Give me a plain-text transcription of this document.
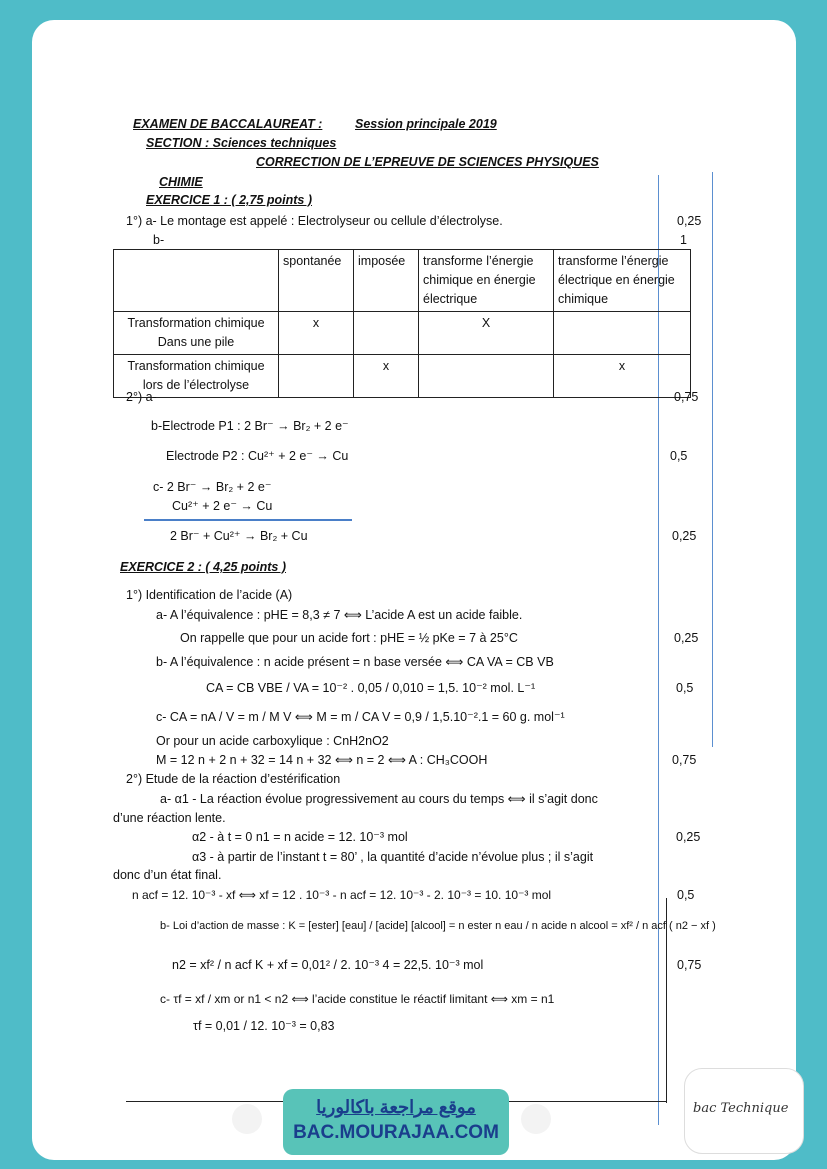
EXAMEN DE BACCALAUREAT :	Session principale 2019
SECTION : Sciences techniques
CORRECTION DE L’EPREUVE DE SCIENCES PHYSIQUES
CHIMIE
EXERCICE 1 : ( 2,75 points )
1°) a- Le montage est appelé : Electrolyseur ou cellule d’électrolyse.	0,25
b-	1
	spontanée	imposée	transforme l’énergie chimique en énergie électrique	transforme l’énergie électrique en énergie chimique
Transformation chimique Dans une pile	x		X	
Transformation chimique lors de l’électrolyse		x		x
2°) a-	0,75
b-Electrode P1 : 2 Br⁻ → Br₂ + 2 e⁻
Electrode P2 : Cu²⁺ + 2 e⁻ → Cu	0,5
c- 2 Br⁻ → Br₂ + 2 e⁻
Cu²⁺ + 2 e⁻ → Cu
2 Br⁻ + Cu²⁺ → Br₂ + Cu	0,25
EXERCICE 2 : ( 4,25 points )
1°) Identification de l’acide (A)
a- A l’équivalence : pHE = 8,3 ≠ 7 ⟺ L’acide A est un acide faible.
On rappelle que pour un acide fort : pHE = ½ pKe = 7 à 25°C	0,25
b- A l’équivalence : n acide présent = n base versée ⟺ CA VA = CB VB
CA = CB VBE / VA = 10⁻² . 0,05 / 0,010 = 1,5. 10⁻² mol. L⁻¹	0,5
c- CA = nA / V = m / M V ⟺ M = m / CA V = 0,9 / 1,5.10⁻².1 = 60 g. mol⁻¹
Or pour un acide carboxylique : CnH2nO2
M = 12 n + 2 n + 32 = 14 n + 32 ⟺ n = 2 ⟺ A : CH₃COOH	0,75
2°) Etude de la réaction d’estérification
a- α1 - La réaction évolue progressivement au cours du temps ⟺ il s’agit donc
d’une réaction lente.
α2 - à t = 0 n1 = n acide = 12. 10⁻³ mol	0,25
α3 - à partir de l’instant t = 80’ , la quantité d’acide n’évolue plus ; il s’agit
donc d’un état final.
n acf = 12. 10⁻³ - xf ⟺ xf = 12 . 10⁻³ - n acf = 12. 10⁻³ - 2. 10⁻³ = 10. 10⁻³ mol	0,5
b- Loi d’action de masse : K = [ester] [eau] / [acide] [alcool] = n ester n eau / n acide n alcool = xf² / n acf ( n2 − xf )
n2 = xf² / n acf K + xf = 0,01² / 2. 10⁻³ 4 = 22,5. 10⁻³ mol	0,75
c- τf = xf / xm or n1 < n2 ⟺ l’acide constitue le réactif limitant ⟺ xm = n1
τf = 0,01 / 12. 10⁻³ = 0,83
موقع مراجعة باكالوريا
BAC.MOURAJAA.COM
bac Technique
